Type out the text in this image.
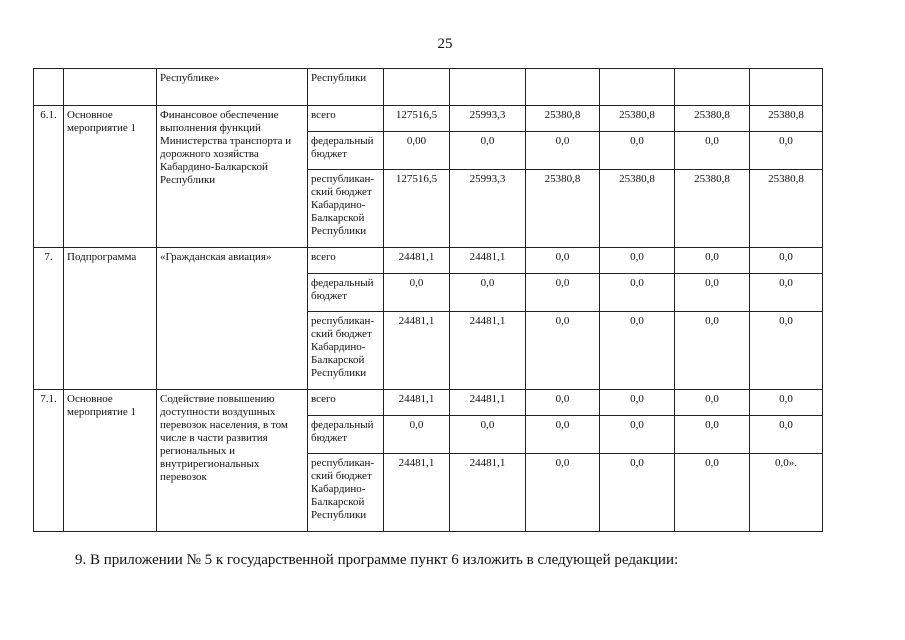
25
		Республике»	Республики						
6.1.	Основное мероприятие 1	Финансовое обеспечение выполнения функций Министерства транспорта и дорожного хозяйства Кабардино-Балкарской Республики	всего	127516,5	25993,3	25380,8	25380,8	25380,8	25380,8
			федеральный бюджет	0,00	0,0	0,0	0,0	0,0	0,0
			республикан-ский бюджет Кабардино-Балкарской Республики	127516,5	25993,3	25380,8	25380,8	25380,8	25380,8
7.	Подпрограмма	«Гражданская авиация»	всего	24481,1	24481,1	0,0	0,0	0,0	0,0
			федеральный бюджет	0,0	0,0	0,0	0,0	0,0	0,0
			республикан-ский бюджет Кабардино-Балкарской Республики	24481,1	24481,1	0,0	0,0	0,0	0,0
7.1.	Основное мероприятие 1	Содействие повышению доступности воздушных перевозок населения, в том числе в части развития региональных и внутрирегиональных перевозок	всего	24481,1	24481,1	0,0	0,0	0,0	0,0
			федеральный бюджет	0,0	0,0	0,0	0,0	0,0	0,0
			республикан-ский бюджет Кабардино-Балкарской Республики	24481,1	24481,1	0,0	0,0	0,0	0,0».
9. В приложении № 5 к государственной программе пункт 6 изложить в следующей редакции:
